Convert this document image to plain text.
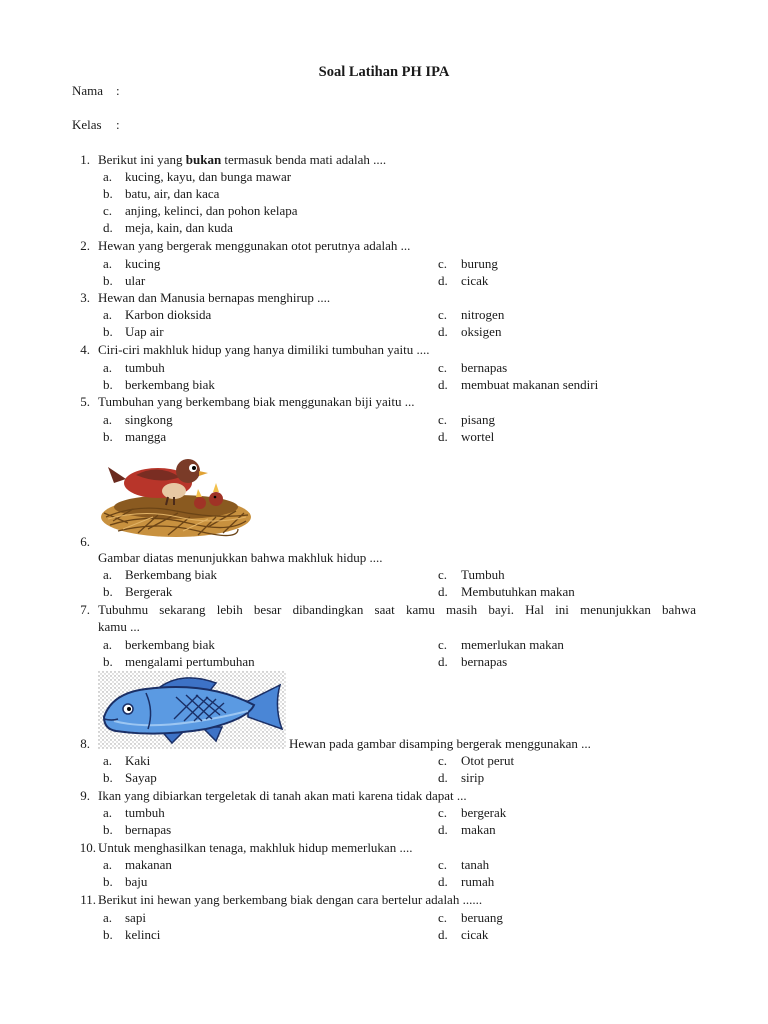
Soal Latihan PH IPA
Nama :
Kelas :
1. Berikut ini yang bukan termasuk benda mati adalah ....
a. kucing, kayu, dan bunga mawar
b. batu, air, dan kaca
c. anjing, kelinci, dan pohon kelapa
d. meja, kain, dan kuda
2. Hewan yang bergerak menggunakan otot perutnya adalah ...
a. kucing
b. ular
c. burung
d. cicak
3. Hewan dan Manusia bernapas menghirup ....
a. Karbon dioksida
b. Uap air
c. nitrogen
d. oksigen
4. Ciri-ciri makhluk hidup yang hanya dimiliki tumbuhan yaitu ....
a. tumbuh
b. berkembang biak
c. bernapas
d. membuat makanan sendiri
5. Tumbuhan yang berkembang biak menggunakan biji yaitu ...
a. singkong
b. mangga
c. pisang
d. wortel
6.
Gambar diatas menunjukkan bahwa makhluk hidup ....
a. Berkembang biak
b. Bergerak
c. Tumbuh
d. Membutuhkan makan
7. Tubuhmu sekarang lebih besar dibandingkan saat kamu masih bayi. Hal ini menunjukkan bahwa
kamu ...
a. berkembang biak
b. mengalami pertumbuhan
c. memerlukan makan
d. bernapas
8.	Hewan pada gambar disamping bergerak menggunakan ...
a. Kaki
b. Sayap
c. Otot perut
d. sirip
9. Ikan yang dibiarkan tergeletak di tanah akan mati karena tidak dapat ...
a. tumbuh
b. bernapas
c. bergerak
d. makan
10. Untuk menghasilkan tenaga, makhluk hidup memerlukan ....
a. makanan
b. baju
c. tanah
d. rumah
11. Berikut ini hewan yang berkembang biak dengan cara bertelur adalah ......
a. sapi
b. kelinci
c. beruang
d. cicak
